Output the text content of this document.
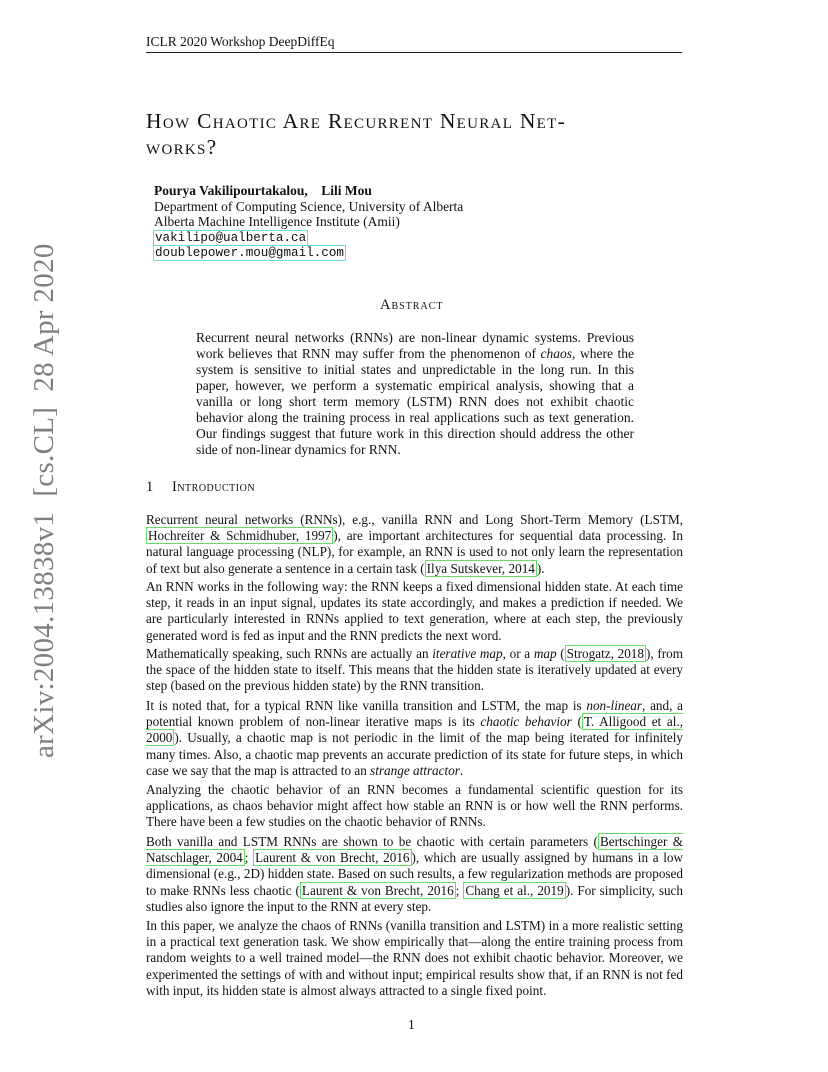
ICLR 2020 Workshop DeepDiffEq
How Chaotic Are Recurrent Neural Net-
works?
Pourya Vakilipourtakalou,    Lili Mou
Department of Computing Science, University of Alberta
Alberta Machine Intelligence Institute (Amii)
vakilipo@ualberta.ca
doublepower.mou@gmail.com
arXiv:2004.13838v1  [cs.CL]  28 Apr 2020	Abstract
Recurrent neural networks (RNNs) are non-linear dynamic systems. Previous work believes that RNN may suffer from the phenomenon of chaos, where the system is sensitive to initial states and unpredictable in the long run. In this paper, however, we perform a systematic empirical analysis, showing that a vanilla or long short term memory (LSTM) RNN does not exhibit chaotic behavior along the training process in real applications such as text generation. Our findings suggest that future work in this direction should address the other side of non-linear dynamics for RNN.
1 Introduction
Recurrent neural networks (RNNs), e.g., vanilla RNN and Long Short-Term Memory (LSTM, Hochreiter & Schmidhuber, 1997 ), are important architectures for sequential data processing. In natural language processing (NLP), for example, an RNN is used to not only learn the representation of text but also generate a sentence in a certain task ( Ilya Sutskever, 2014 ).
An RNN works in the following way: the RNN keeps a fixed dimensional hidden state. At each time step, it reads in an input signal, updates its state accordingly, and makes a prediction if needed. We are particularly interested in RNNs applied to text generation, where at each step, the previously generated word is fed as input and the RNN predicts the next word.
Mathematically speaking, such RNNs are actually an iterative map, or a map ( Strogatz, 2018 ), from the space of the hidden state to itself. This means that the hidden state is iteratively updated at every step (based on the previous hidden state) by the RNN transition.
It is noted that, for a typical RNN like vanilla transition and LSTM, the map is non-linear, and, a potential known problem of non-linear iterative maps is its chaotic behavior ( T. Alligood et al., 2000 ). Usually, a chaotic map is not periodic in the limit of the map being iterated for infinitely many times. Also, a chaotic map prevents an accurate prediction of its state for future steps, in which case we say that the map is attracted to an strange attractor.
Analyzing the chaotic behavior of an RNN becomes a fundamental scientific question for its applications, as chaos behavior might affect how stable an RNN is or how well the RNN performs. There have been a few studies on the chaotic behavior of RNNs.
Both vanilla and LSTM RNNs are shown to be chaotic with certain parameters ( Bertschinger & Natschlager, 2004 ; Laurent & von Brecht, 2016 ), which are usually assigned by humans in a low dimensional (e.g., 2D) hidden state. Based on such results, a few regularization methods are proposed to make RNNs less chaotic ( Laurent & von Brecht, 2016 ; Chang et al., 2019 ). For simplicity, such studies also ignore the input to the RNN at every step.
In this paper, we analyze the chaos of RNNs (vanilla transition and LSTM) in a more realistic setting in a practical text generation task. We show empirically that—along the entire training process from random weights to a well trained model—the RNN does not exhibit chaotic behavior. Moreover, we experimented the settings of with and without input; empirical results show that, if an RNN is not fed with input, its hidden state is almost always attracted to a single fixed point.
1
